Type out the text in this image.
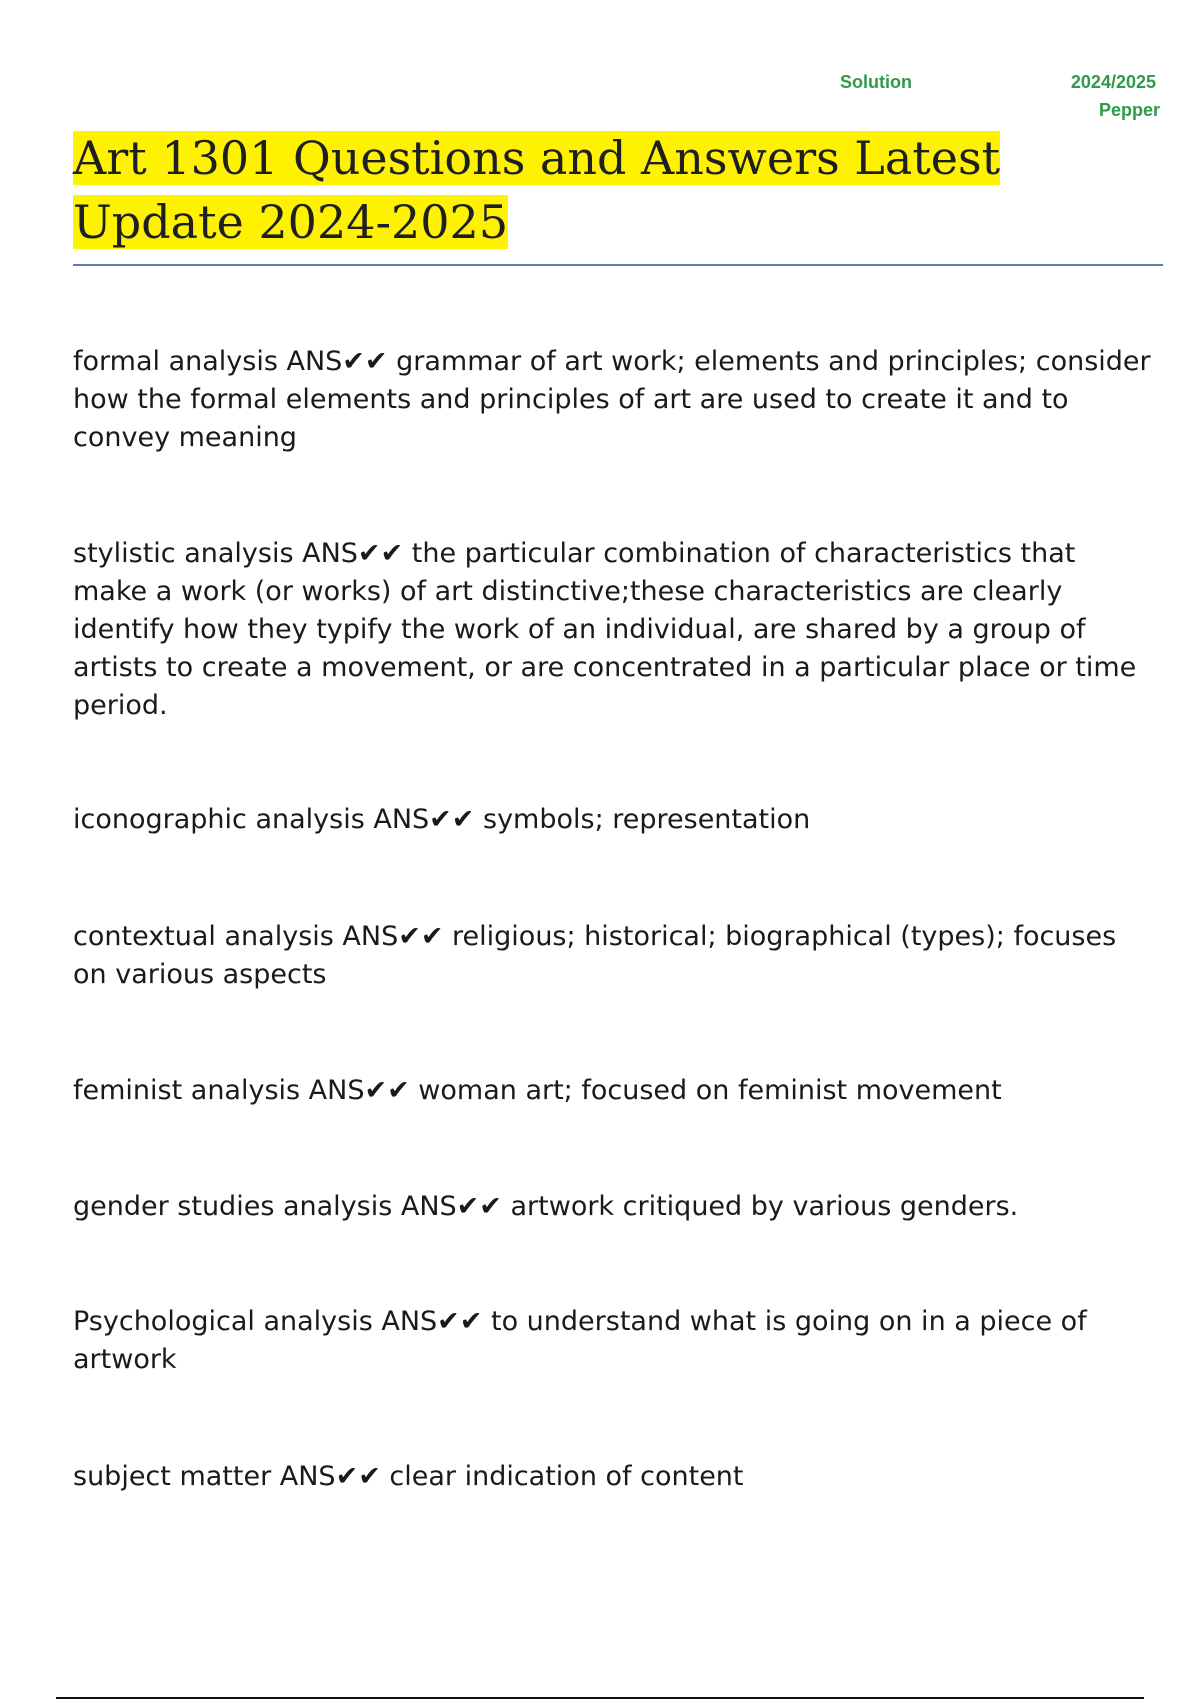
Solution	2024/2025
Pepper
Art 1301 Questions and Answers Latest Update 2024-2025

formal analysis ANS✔✔ grammar of art work; elements and principles; consider how the formal elements and principles of art are used to create it and to convey meaning

stylistic analysis ANS✔✔ the particular combination of characteristics that make a work (or works) of art distinctive;these characteristics are clearly identify how they typify the work of an individual, are shared by a group of artists to create a movement, or are concentrated in a particular place or time period.

iconographic analysis ANS✔✔ symbols; representation

contextual analysis ANS✔✔ religious; historical; biographical (types); focuses on various aspects

feminist analysis ANS✔✔ woman art; focused on feminist movement

gender studies analysis ANS✔✔ artwork critiqued by various genders.

Psychological analysis ANS✔✔ to understand what is going on in a piece of artwork

subject matter ANS✔✔ clear indication of content
